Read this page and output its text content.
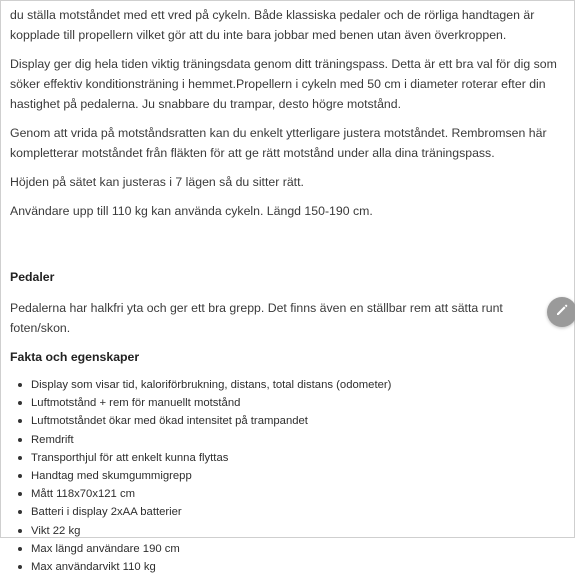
du ställa motståndet med ett vred på cykeln. Både klassiska pedaler och de rörliga handtagen är kopplade till propellern vilket gör att du inte bara jobbar med benen utan även överkroppen.

Display ger dig hela tiden viktig träningsdata genom ditt träningspass. Detta är ett bra val för dig som söker effektiv konditionsträning i hemmet.Propellern i cykeln med 50 cm i diameter roterar efter din hastighet på pedalerna. Ju snabbare du trampar, desto högre motstånd.

Genom att vrida på motståndsratten kan du enkelt ytterligare justera motståndet. Rembromsen här kompletterar motståndet från fläkten för att ge rätt motstånd under alla dina träningspass.

Höjden på sätet kan justeras i 7 lägen så du sitter rätt.

Användare upp till 110 kg kan använda cykeln. Längd 150-190 cm.

Pedaler

Pedalerna har halkfri yta och ger ett bra grepp. Det finns även en ställbar rem att sätta runt foten/skon.

Fakta och egenskaper
Display som visar tid, kaloriförbrukning, distans, total distans (odometer)
Luftmotstånd + rem för manuellt motstånd
Luftmotståndet ökar med ökad intensitet på trampandet
Remdrift
Transporthjul för att enkelt kunna flyttas
Handtag med skumgummigrepp
Mått 118x70x121 cm
Batteri i display 2xAA batterier
Vikt 22 kg
Max längd användare 190 cm
Max användarvikt 110 kg
